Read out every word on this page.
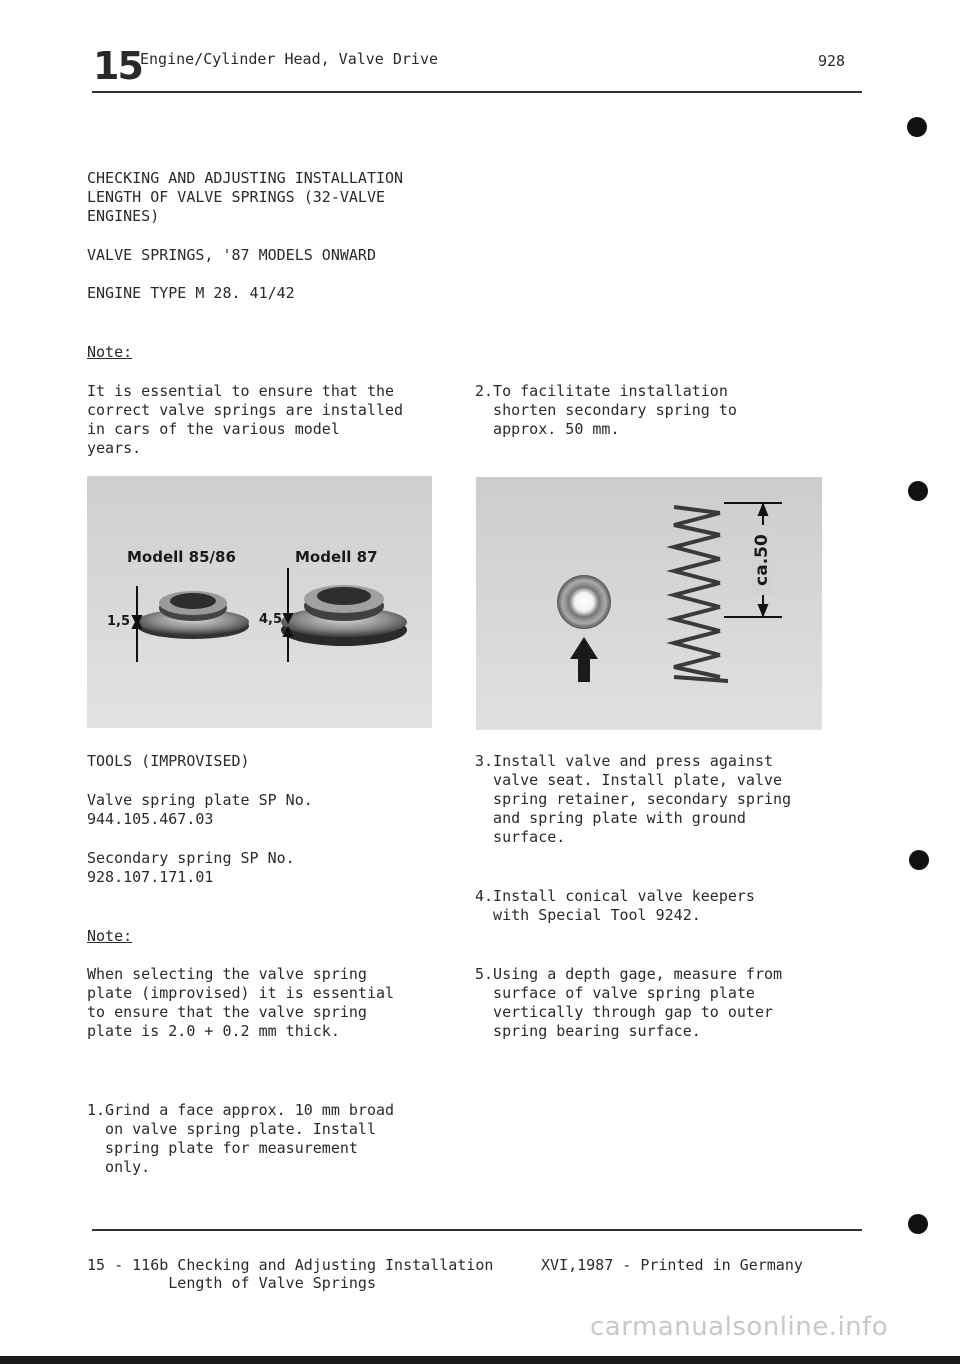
15
Engine/Cylinder Head, Valve Drive	928
CHECKING AND ADJUSTING INSTALLATION
LENGTH OF VALVE SPRINGS (32-VALVE
ENGINES)
VALVE SPRINGS, '87 MODELS ONWARD
ENGINE TYPE M 28. 41/42
Note:
It is essential to ensure that the
correct valve springs are installed
in cars of the various model
years.
2.To facilitate installation
shorten secondary spring to
approx. 50 mm.
Modell 85/86	Modell 87
1,5	4,5
ca.50
TOOLS (IMPROVISED)
Valve spring plate SP No.
944.105.467.03
Secondary spring SP No.
928.107.171.01
Note:
When selecting the valve spring
plate (improvised) it is essential
to ensure that the valve spring
plate is 2.0 + 0.2 mm thick.
1.Grind a face approx. 10 mm broad
on valve spring plate. Install
spring plate for measurement
only.
3.Install valve and press against
valve seat. Install plate, valve
spring retainer, secondary spring
and spring plate with ground
surface.
4.Install conical valve keepers
with Special Tool 9242.
5.Using a depth gage, measure from
surface of valve spring plate
vertically through gap to outer
spring bearing surface.
15 - 116b Checking and Adjusting Installation
Length of Valve Springs
XVI,1987 - Printed in Germany
carmanualsonline.info
